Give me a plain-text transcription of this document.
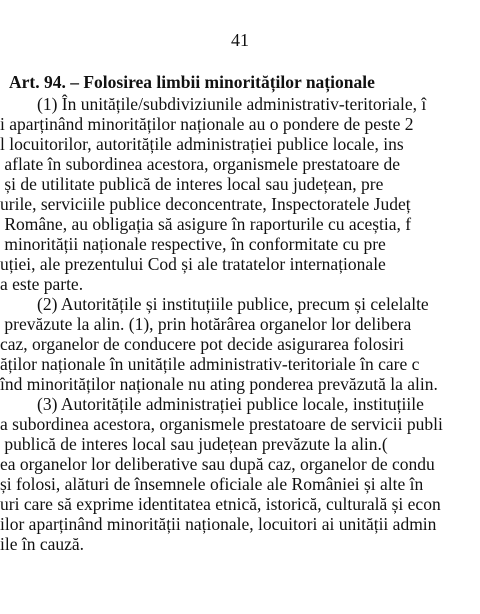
41
Art. 94. – Folosirea limbii minorităților naționale
(1) În unitățile/subdiviziunile administrativ-teritoriale, î
i aparținând minorităților naționale au o pondere de peste 2
l locuitorilor, autoritățile administrației publice locale, ins
aflate în subordinea acestora, organismele prestatoare de
și de utilitate publică de interes local sau județean, pre
urile, serviciile publice deconcentrate, Inspectoratele Județ
Române, au obligația să asigure în raporturile cu aceștia, f
minorității naționale respective, în conformitate cu pre
uției, ale prezentului Cod și ale tratatelor internaționale
a este parte.
(2) Autoritățile și instituțiile publice, precum și celelalte
prevăzute la alin. (1), prin hotărârea organelor lor delibera
caz, organelor de conducere pot decide asigurarea folosiri
ăților naționale în unitățile administrativ-teritoriale în care c
înd minorităților naționale nu ating ponderea prevăzută la alin.
(3) Autoritățile administrației publice locale, instituțiile
a subordinea acestora, organismele prestatoare de servicii publi
publică de interes local sau județean prevăzute la alin.(
ea organelor lor deliberative sau după caz, organelor de condu
și folosi, alături de însemnele oficiale ale României și alte în
uri care să exprime identitatea etnică, istorică, culturală și econ
ilor aparținând minorității naționale, locuitori ai unității admin
ile în cauză.
